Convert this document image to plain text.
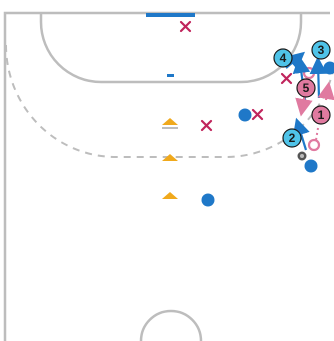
4
3
5
1
2
